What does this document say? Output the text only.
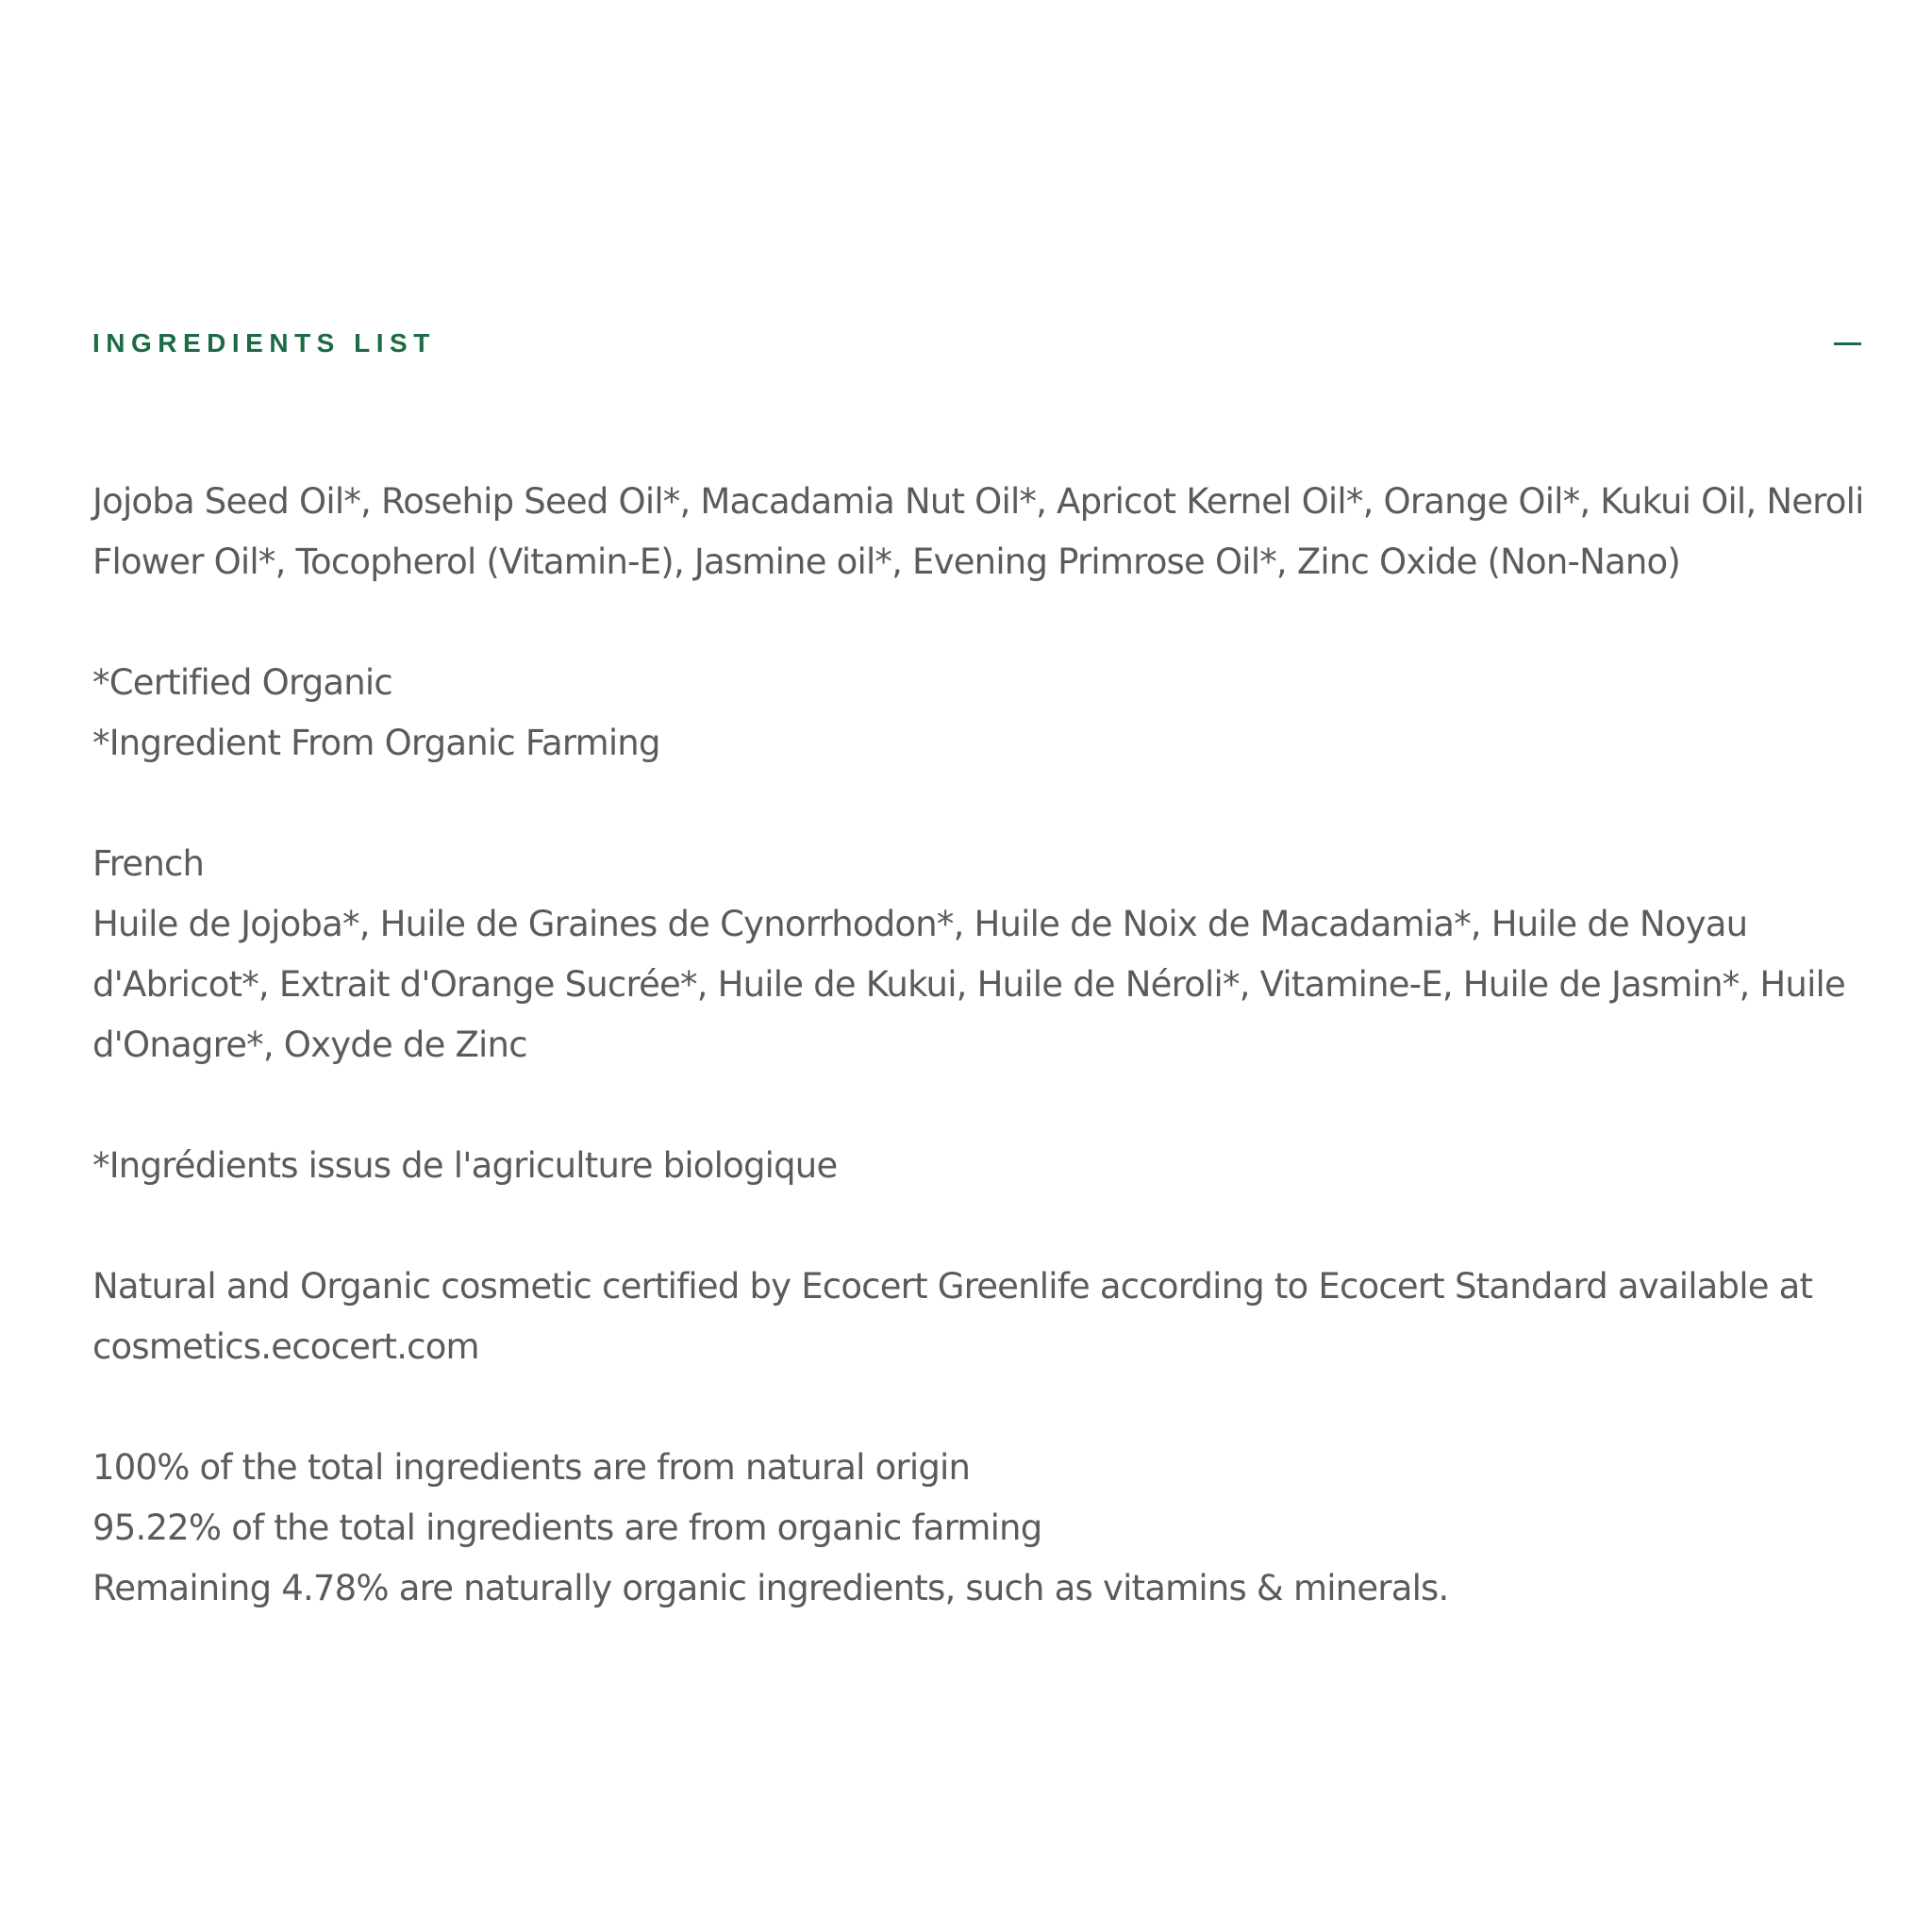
INGREDIENTS LIST

Jojoba Seed Oil*, Rosehip Seed Oil*, Macadamia Nut Oil*, Apricot Kernel Oil*, Orange Oil*, Kukui Oil, Neroli Flower Oil*, Tocopherol (Vitamin-E), Jasmine oil*, Evening Primrose Oil*, Zinc Oxide (Non-Nano)

*Certified Organic

*Ingredient From Organic Farming

French

Huile de Jojoba*, Huile de Graines de Cynorrhodon*, Huile de Noix de Macadamia*, Huile de Noyau d'Abricot*, Extrait d'Orange Sucrée*, Huile de Kukui, Huile de Néroli*, Vitamine-E, Huile de Jasmin*, Huile d'Onagre*, Oxyde de Zinc

*Ingrédients issus de l'agriculture biologique

Natural and Organic cosmetic certified by Ecocert Greenlife according to Ecocert Standard available at cosmetics.ecocert.com

100% of the total ingredients are from natural origin

95.22% of the total ingredients are from organic farming

Remaining 4.78% are naturally organic ingredients, such as vitamins & minerals.
